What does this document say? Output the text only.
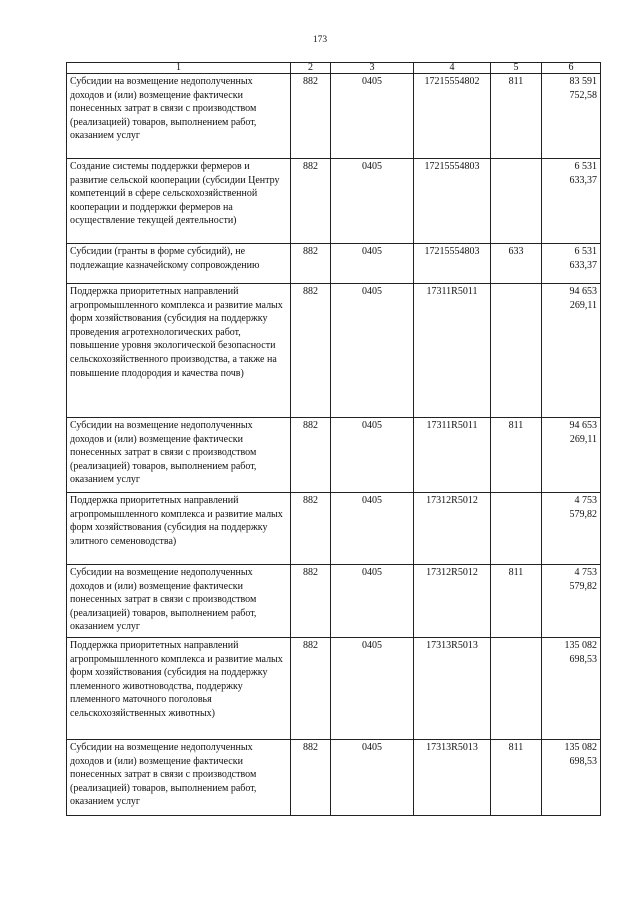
173
1	2	3	4	5	6
Субсидии на возмещение недополученных доходов и (или) возмещение фактически понесенных затрат в связи с производством (реализацией) товаров, выполнением работ, оказанием услуг	882	0405	17215554802	811	83 591 752,58
Создание системы поддержки фермеров и развитие сельской кооперации (субсидии Центру компетенций в сфере сельскохозяйственной кооперации и поддержки фермеров на осуществление текущей деятельности)	882	0405	17215554803		6 531 633,37
Субсидии (гранты в форме субсидий), не подлежащие казначейскому сопровождению	882	0405	17215554803	633	6 531 633,37
Поддержка приоритетных направлений агропромышленного комплекса и развитие малых форм хозяйствования (субсидия на поддержку проведения агротехнологических работ, повышение уровня экологической безопасности сельскохозяйственного производства, а также на повышение плодородия и качества почв)	882	0405	17311R5011		94 653 269,11
Субсидии на возмещение недополученных доходов и (или) возмещение фактически понесенных затрат в связи с производством (реализацией) товаров, выполнением работ, оказанием услуг	882	0405	17311R5011	811	94 653 269,11
Поддержка приоритетных направлений агропромышленного комплекса и развитие малых форм хозяйствования (субсидия на поддержку элитного семеноводства)	882	0405	17312R5012		4 753 579,82
Субсидии на возмещение недополученных доходов и (или) возмещение фактически понесенных затрат в связи с производством (реализацией) товаров, выполнением работ, оказанием услуг	882	0405	17312R5012	811	4 753 579,82
Поддержка приоритетных направлений агропромышленного комплекса и развитие малых форм хозяйствования (субсидия на поддержку племенного животноводства, поддержку племенного маточного поголовья сельскохозяйственных животных)	882	0405	17313R5013		135 082 698,53
Субсидии на возмещение недополученных доходов и (или) возмещение фактически понесенных затрат в связи с производством (реализацией) товаров, выполнением работ, оказанием услуг	882	0405	17313R5013	811	135 082 698,53
